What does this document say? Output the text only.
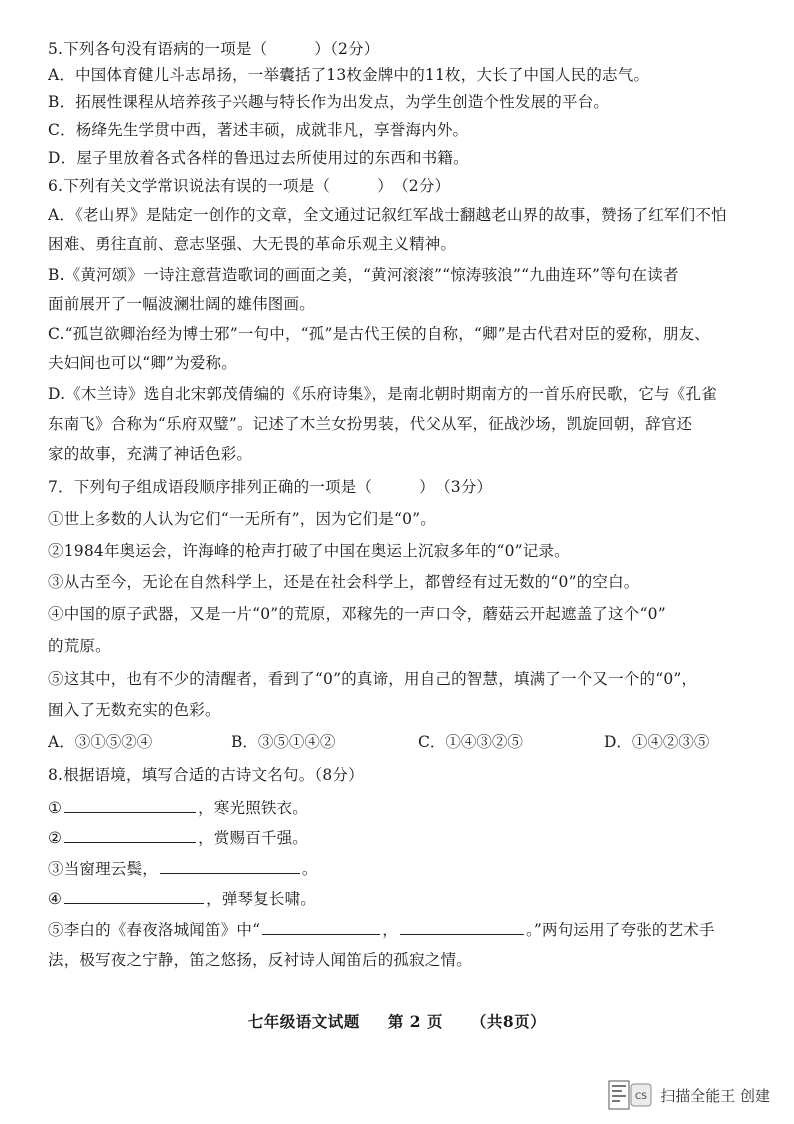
5.下列各句没有语病的一项是（　　　）（2分）
A．中国体育健儿斗志昂扬，一举囊括了13枚金牌中的11枚，大长了中国人民的志气。
B．拓展性课程从培养孩子兴趣与特长作为出发点，为学生创造个性发展的平台。
C．杨绛先生学贯中西，著述丰硕，成就非凡，享誉海内外。
D．屋子里放着各式各样的鲁迅过去所使用过的东西和书籍。
6.下列有关文学常识说法有误的一项是（　　　）　（2分）
A．《老山界》是陆定一创作的文章，全文通过记叙红军战士翻越老山界的故事，赞扬了红军们不怕
困难、勇往直前、意志坚强、大无畏的革命乐观主义精神。
B.《黄河颂》一诗注意营造歌词的画面之美，“黄河滚滚”“惊涛骇浪”“九曲连环”等句在读者
面前展开了一幅波澜壮阔的雄伟图画。
C.“孤岂欲卿治经为博士邪”一句中，“孤”是古代王侯的自称，“卿”是古代君对臣的爱称，朋友、
夫妇间也可以“卿”为爱称。
D.《木兰诗》选自北宋郭茂倩编的《乐府诗集》，是南北朝时期南方的一首乐府民歌，它与《孔雀
东南飞》合称为“乐府双璧”。记述了木兰女扮男装，代父从军，征战沙场，凯旋回朝，辞官还
家的故事，充满了神话色彩。
7．下列句子组成语段顺序排列正确的一项是（　　　）　（3分）
①世上多数的人认为它们“一无所有”，因为它们是“0”。
②1984年奥运会，许海峰的枪声打破了中国在奥运上沉寂多年的“0”记录。
③从古至今，无论在自然科学上，还是在社会科学上，都曾经有过无数的“0”的空白。
④中国的原子武器，又是一片“0”的荒原，邓稼先的一声口令，蘑菇云开起遮盖了这个“0”
的荒原。
⑤这其中，也有不少的清醒者，看到了“0”的真谛，用自己的智慧，填满了一个又一个的“0”，
囿入了无数充实的色彩。
A．③①⑤②④	B．③⑤①④②	C．①④③②⑤	D．①④②③⑤
8.根据语境，填写合适的古诗文名句。（8分）
①	，寒光照铁衣。
②	，赏赐百千强。
③当窗理云鬓，	。
④	，弹琴复长啸。
⑤李白的《春夜洛城闻笛》中“	，	。”两句运用了夸张的艺术手
法，极写夜之宁静，笛之悠扬，反衬诗人闻笛后的孤寂之情。
七年级语文试题 第 2 页 （共8页）
CS 扫描全能王 创建
